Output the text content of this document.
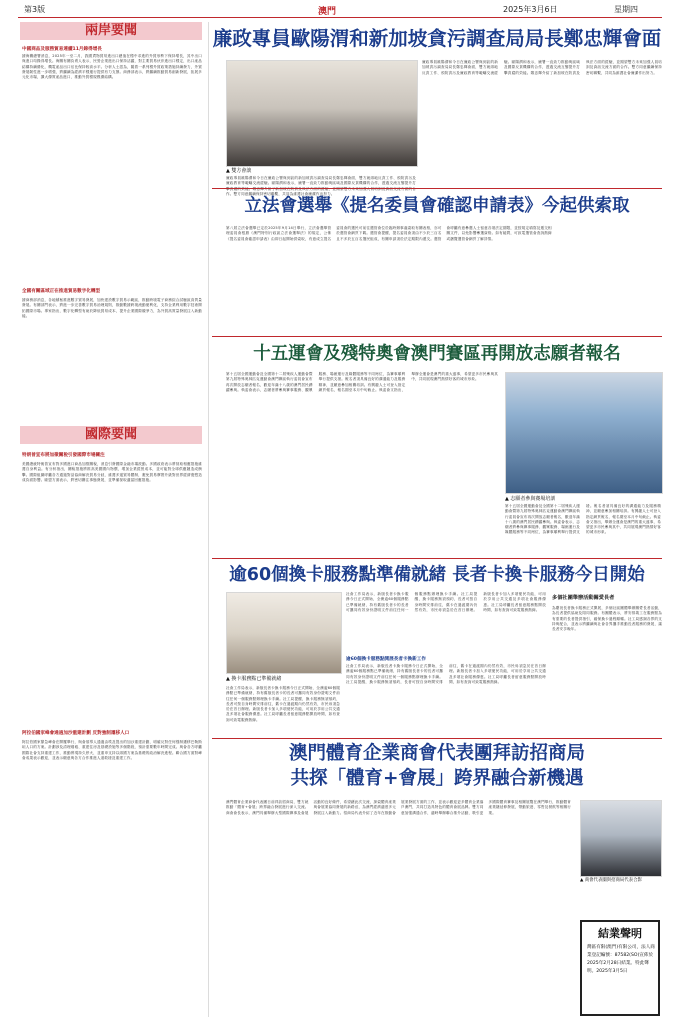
第3版	澳門	2025年3月6日	星期四
兩岸要聞
中國商品及服務貿易連續11月錄得增長
據海關總署消息，2025年一至二月，我國貨物貿易進出口總值在穩中求進的外貿形勢下保持增長，其中出口與進口均錄得增長。海關有關負責人表示，民營企業進出口保持活躍，對主要貿易伙伴進出口穩定，出口產品結構持續優化，機電產品出口佔比保持較高水平。分析人士認為，隨着一系列穩外貿政策措施持續發力，外貿發展韌性進一步增強，將繼續為經濟平穩運行提供有力支撐。商務部表示，將繼續推動貿易創新發展，拓展多元化市場，擴大優質產品進口，推動外貿穩規模優結構。
全國有關區域正在推進貿易數字化轉型
據商務部消息，各地積極推進數字貿易發展，加快建設數字貿易示範區，推動跨境電子商務綜合試驗區高質量發展。有關部門表示，將進一步完善數字貿易治理規則，推動數據跨境流動便利化，支持企業利用數字技術開拓國際市場。專家指出，數字化轉型有助於降低貿易成本，提升企業國際競爭力，為外貿高質量發展注入新動能。
國際要聞
特朗普宣布將加徵關稅引發國際市場關注
美國總統特朗普宣布對多國進口商品加徵關稅，消息引發國際金融市場波動。多國政府表示將採取相應措施維護自身利益。有分析指出，關稅措施將推高美國國內物價，增加企業經營成本，並可能對全球供應鏈造成衝擊。國際組織呼籲各方通過對話協商解決貿易分歧，維護多邊貿易體制，避免貿易摩擦升級對世界經濟復甦造成負面影響。歐盟方面表示，將密切關注事態發展，並準備採取適當回應措施。
阿拉伯國家峰會通過加沙重建計劃 反對強制遷移人口
阿拉伯國家緊急峰會在開羅舉行，與會領導人通過由埃及提出的加沙重建計劃，明確反對任何強制遷移巴勒斯坦人口的方案。計劃涉及清理廢墟、重建住房及基礎設施等多個階段，預計需要數年時間完成。與會各方呼籲國際社會支持重建工作，推動實現持久停火，並重申支持以兩國方案為基礎的政治解決進程。聯合國方面對峰會成果表示歡迎，並表示願意與各方合作推進人道救援及重建工作。
廉政專員歐陽渭和新加坡貪污調查局局長鄭忠輝會面
▲ 雙方會談
廉政專員歐陽渭和今日在廉政公署與到訪的新加坡貪污調查局局長鄭忠輝會面，雙方就兩地反貪工作、預防貪污及廉政教育等範疇交流經驗。歐陽渭和表示，廉署一直致力推動與區域及國際反貪機構的合作，透過交流互鑒提升打擊貪腐的效能。鄭忠輝介紹了新加坡在防貪及執法方面的經驗，並期望雙方未來加強人員培訓及資訊交流方面的合作。雙方同意繼續保持密切聯繫，共同為維護社會廉潔作出努力。
廉政專員歐陽渭和今日在廉政公署與到訪的新加坡貪污調查局局長鄭忠輝會面，雙方就兩地反貪工作、預防貪污及廉政教育等範疇交流經驗。歐陽渭和表示，廉署一直致力推動與區域及國際反貪機構的合作，透過交流互鑒提升打 作。雙方同意繼續保持密切聯繫，共同為維護社會廉潔作出努力。
立法會選舉《提名委員會確認申請表》今起供索取
第八屆立法會選舉已定於2025年9月14日舉行，立法會選舉管理委員會根據《澳門特別行政區立法會選舉法》的規定，公佈《提名委員會確認申請表》由即日起開始供索取，有意成立提名委員會的選民可前往選管會位於臨時辦事處索取有關表格，亦可於選管會網頁下載。選管會提醒，提名委員會須由不少於三百名且不多於五百名選民組成，有關申請須於法定期限內遞交。選管會呼籲有意參選人士留意各項法定期限，並按規定填寫及遞交相關文件，以免影響參選資格。如有疑問，可致電選管會查詢熱線或瀏覽選管會網頁了解詳情。
十五運會及殘特奧會澳門賽區再開放志願者報名
第十五屆全國運動會及全國第十二屆殘疾人運動會暨第九屆特殊奧林匹克運動會澳門賽區執行委員會宣布再次開放志願者報名，歡迎年滿十八歲的澳門居民踴躍參與。執委會表示，志願者將參與賽事服務、觀眾服務、場館運行及媒體服務等不同崗位，為賽事順利舉行提供支援。報名者須具備良好的溝通能力及服務精神，並願意參加相關培訓。有興趣人士可登入指定網頁報名，報名期至本月中旬截止。執委會又指出，舉辦全運會是澳門的重大盛事，希望更多市民參與其中，共同展現澳門熱情好客的城市形象。
▲ 志願者參與賽場培訓
第十五屆全國運動會及全國第十二屆殘疾人運動會暨第九屆特殊奧林匹克運動會澳門賽區執行委員會宣布再次開放志願者報名，歡迎年滿十八歲的澳門居民踴躍參與。執委會表示，志願者將參與賽事服務、觀眾服務、場館運行及媒體服務等不同崗位，為賽事順利舉行提供支援。報名者須具備良好的溝通能力及服務精神，並願意參加相關培訓。有興趣人士可登入指定網頁報名，報名期至本月中旬截止。執委會又指出，舉辦全運會是澳門的重大盛事，希望更多市民參與其中，共同展現澳門熱情好客的城市形象。
逾60個換卡服務點準備就緒 長者卡換卡服務今日開始
▲ 換卡服務點已準備就緒
社會工作局表示，新版長者卡換卡服務今日正式開始，全澳逾60個服務點已準備就緒，持有舊版長者卡的長者可攜同有效身份證明文件前往任何一個服務點辦理換卡手續。社工局提醒，換卡服務無須預約，長者可按自身時間安排前往，舊卡在過渡期內仍然有效，市民毋須急於在首日辦理。新版長者卡加入多項便民功能，可用於享用公共交通及多項社會服務優惠。社工局呼籲長者留意服務點開放時間，如有查詢可致電服務熱線。
逾60個換卡服務點開展長者卡換新工作
社會工作局表示，新版長者卡換卡服務今日正式開始，全澳逾60個服務點已準備就緒，持有舊版長者卡的長者可攜同有效身份證明文件前往任何一個服務點辦理換卡手續。社工局提醒，換卡服務無須預約，長者可按自身時間安排前往，舊卡在過渡期內仍然有效，市民毋須急於在首日辦理。新版長者卡加入多項便民功能，可用於享用公共交通及多項社會服務優惠。社工局呼籲長者留意服務點開放時間，如有查詢可致電服務熱線。
社會工作局表示，新版長者卡換卡服務今日正式開始，全澳逾60個服務點已準備就緒，持有舊版長者卡的長者可攜同有效身份證明文件前往任何一個服務點辦理換卡手續。社工局提醒，換卡服務無須預約，長者可按自身時間安排前往，舊卡在過渡期內仍然有效，市民毋須急於在首日辦理。新版長者卡加入多項便民功能，可用於享用公共交通及多項社會服務優惠。社工局呼籲長者留意服務點開放時間，如有查詢可致電服務熱線。
多個社團舉辦活動關愛長者
為慶祝長者換卡服務正式開展，多個社區團體舉辦關愛長者活動，為長者提供協助及陪同服務。有團體表示，將安排義工在服務點為有需要的長者提供指引，確保換卡過程順暢。社工局感謝各界的支持與配合，並表示將繼續與社會各界攜手推動長者服務的發展，讓長者安享晚年。
澳門體育企業商會代表團拜訪招商局
共探「體育+會展」跨界融合新機遇
澳門體育企業商會代表團日前拜訪招商局，雙方就推動「體育+會展」跨界融合發展進行深入交流。商會會長表示，澳門具備舉辦大型國際賽事及會展活動的良好條件，希望藉此次交流，探索體育產業與會展業協同發展的新路徑，為澳門經濟適度多元發展注入新動力。招商局代表介紹了近年在推動會展業發展方面的工作，並表示歡迎更多體育企業落戶澳門，共同打造具特色的體育會展品牌。雙方同意加強溝通合作，適時舉辦聯合推介活動，吸引更多國際體育賽事及相關展覽在澳門舉行，推動體育產業鏈延伸發展，帶動旅遊、零售及餐飲等相關行業。
▲ 商會代表團與招商局代表合影
結業聲明
灣區有限(澳門)有限公司，法人商業登記編號：87582(SO)宣佈於2025年2月28日結業。特此聲明。2025年3月5日
